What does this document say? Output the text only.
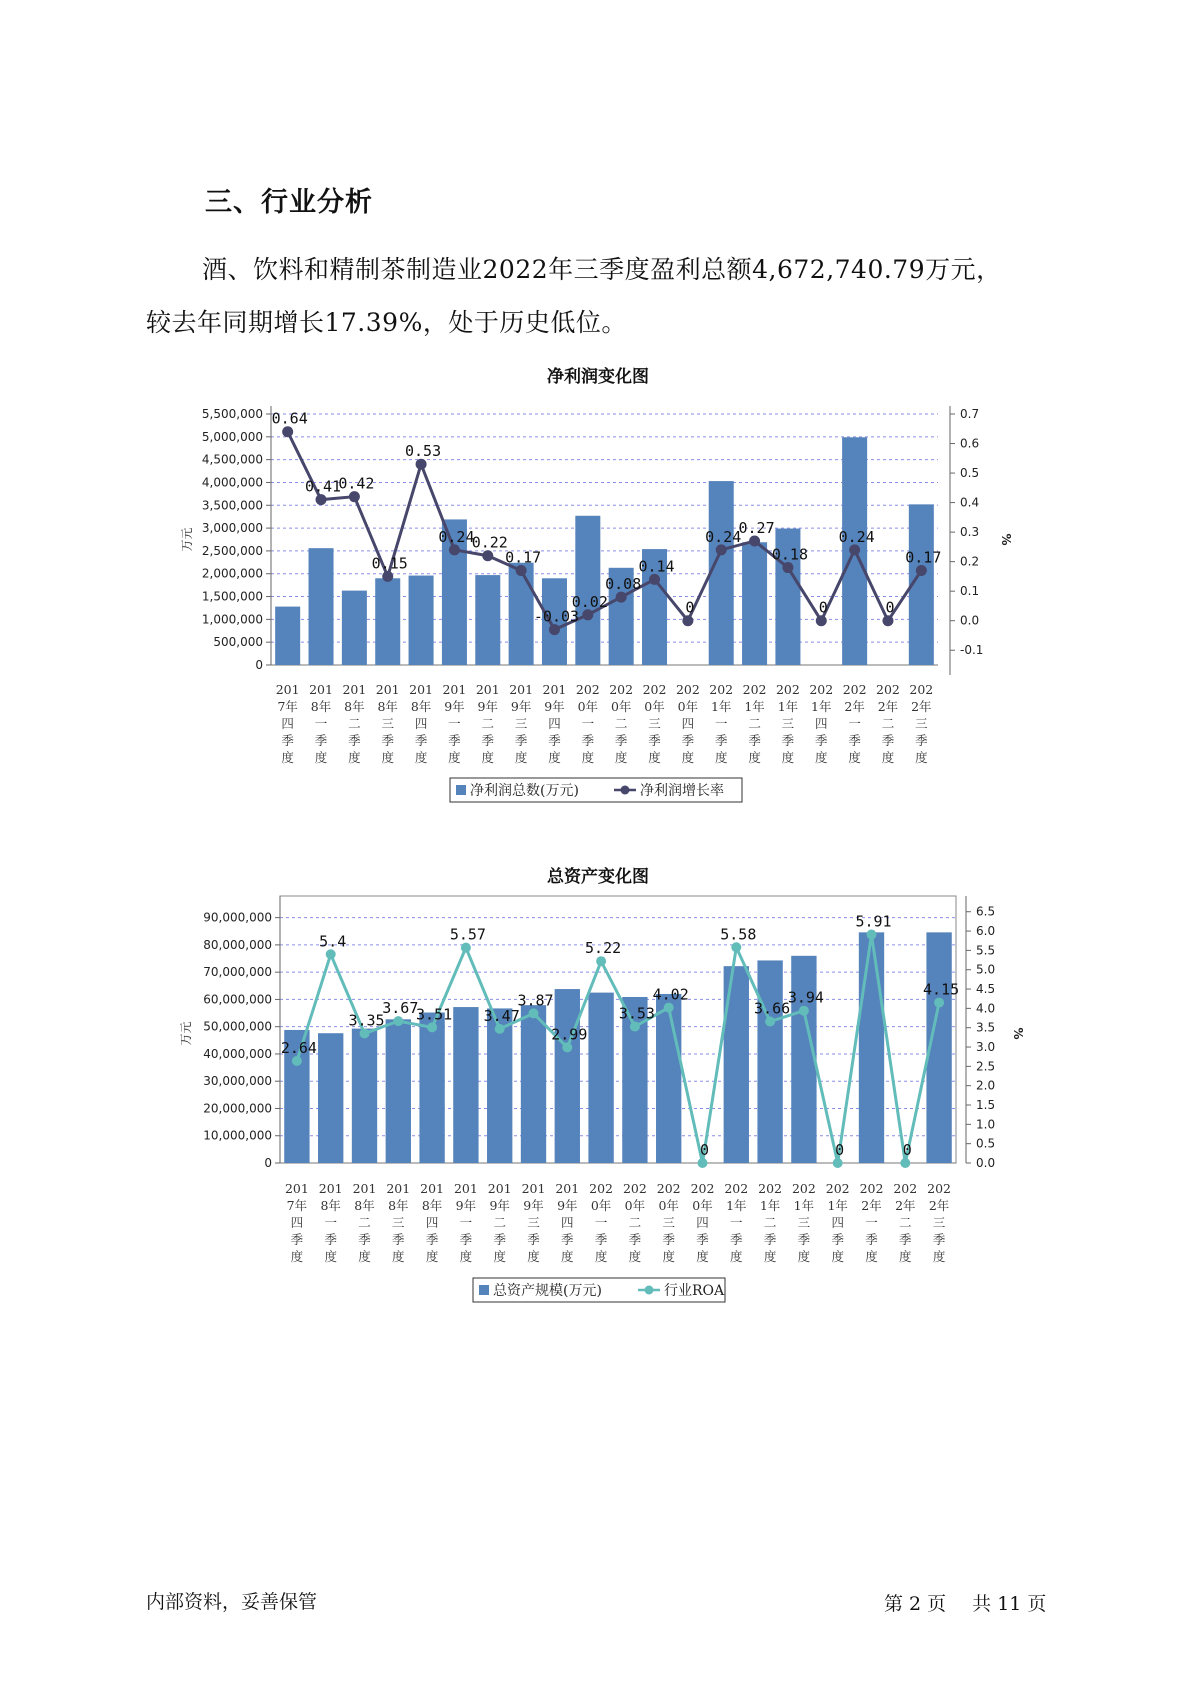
三、行业分析
酒、饮料和精制茶制造业2022年三季度盈利总额4,672,740.79万元，
较去年同期增长17.39%，处于历史低位。
净利润变化图
总资产变化图
5,500,000
5,000,000
4,500,000
4,000,000
3,500,000
3,000,000
2,500,000
2,000,000
1,500,000
1,000,000
500,000
0
0.7
0.6
0.5
0.4
0.3
0.2
0.1
0.0
-0.1
万元	%
201
7年
四
季
度
201
8年
一
季
度
201
8年
二
季
度
201
8年
三
季
度
201
8年
四
季
度
201
9年
一
季
度
201
9年
二
季
度
201
9年
三
季
度
201
9年
四
季
度
202
0年
一
季
度
202
0年
二
季
度
202
0年
三
季
度
202
0年
四
季
度
202
1年
一
季
度
202
1年
二
季
度
202
1年
三
季
度
202
1年
四
季
度
202
2年
一
季
度
202
2年
二
季
度
202
2年
三
季
度
0.64
0.41
0.42
0.15
0.53
0.24
0.22
0.17
-0.03
0.02
0.08
0.14
0
0.24
0.27
0.18
0
0.24
0
0.17
净利润总数(万元)	净利润增长率
90,000,000
80,000,000
70,000,000
60,000,000
50,000,000
40,000,000
30,000,000
20,000,000
10,000,000
0
6.5
6.0
5.5
5.0
4.5
4.0
3.5
3.0
2.5
2.0
1.5
1.0
0.5
0.0
万元	%
201
7年
四
季
度
201
8年
一
季
度
201
8年
二
季
度
201
8年
三
季
度
201
8年
四
季
度
201
9年
一
季
度
201
9年
二
季
度
201
9年
三
季
度
201
9年
四
季
度
202
0年
一
季
度
202
0年
二
季
度
202
0年
三
季
度
202
0年
四
季
度
202
1年
一
季
度
202
1年
二
季
度
202
1年
三
季
度
202
1年
四
季
度
202
2年
一
季
度
202
2年
二
季
度
202
2年
三
季
度
2.64
5.4
3.35
3.67
3.51
5.57
3.47
3.87
2.99
5.22
3.53
4.02
0
5.58
3.66
3.94
0
5.91
0
4.15
总资产规模(万元)	行业ROA
内部资料，妥善保管	第 2 页 共 11 页
